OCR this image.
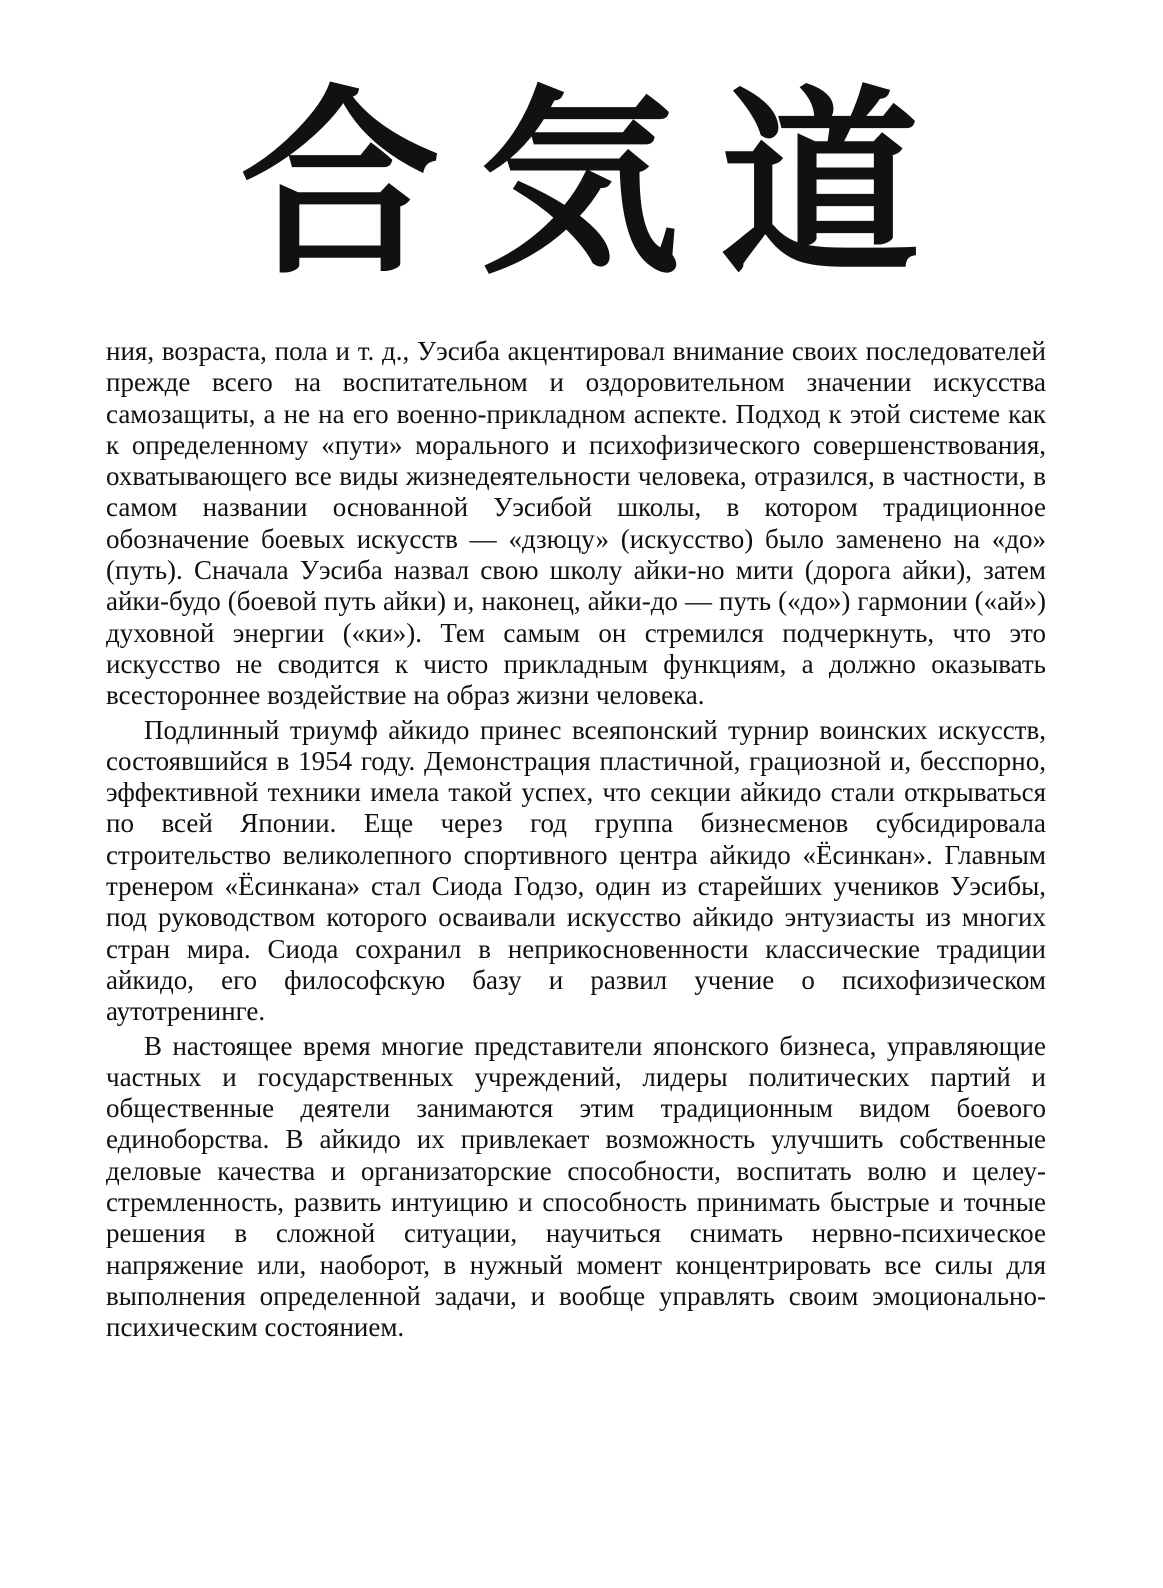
合 気 道

ния, возраста, пола и т. д., Уэсиба акцентировал внимание своих последователей прежде всего на воспитательном и оздоровительном значении искусства самозащиты, а не на его военно-прикладном аспекте. Подход к этой системе как к определенному «пути» морального и психофизического совершенствования, охватывающего все виды жизнедеятельности человека, отразился, в частности, в самом названии основанной Уэсибой школы, в котором традиционное обозначение боевых искусств — «дзюцу» (искусство) было заменено на «до» (путь). Сначала Уэсиба назвал свою школу айки-но мити (дорога айки), затем айки-будо (боевой путь айки) и, наконец, айки-до — путь («до») гармонии («ай») духовной энергии («ки»). Тем самым он стремился подчеркнуть, что это искусство не сводится к чисто прикладным функциям, а должно оказывать всестороннее воздействие на образ жизни человека.

Подлинный триумф айкидо принес всеяпонский турнир воинских искусств, состоявшийся в 1954 году. Демонстрация пластичной, грациозной и, бесспорно, эффективной техники имела такой успех, что секции айкидо стали открываться по всей Японии. Еще через год группа бизнесменов субсидировала строительство великолепного спортивного центра айкидо «Ёсинкан». Главным тренером «Ёсинкана» стал Сиода Годзо, один из старейших учеников Уэсибы, под руководством которого осваивали искусство айкидо энтузиасты из многих стран мира. Сиода сохранил в неприкосновенности классические традиции айкидо, его философскую базу и развил учение о психофизическом аутотренинге.

В настоящее время многие представители японского бизнеса, управляющие частных и государственных учреждений, лидеры политических партий и общественные деятели занимаются этим традиционным видом боевого единоборства. В айкидо их привлекает возможность улучшить собственные деловые качества и организаторские способности, воспитать волю и целеустремленность, развить интуицию и способность принимать быстрые и точные решения в сложной ситуации, научиться снимать нервно-психическое напряжение или, наоборот, в нужный момент концентрировать все силы для выполнения определенной задачи, и вообще управлять своим эмоционально-психическим состоянием.
